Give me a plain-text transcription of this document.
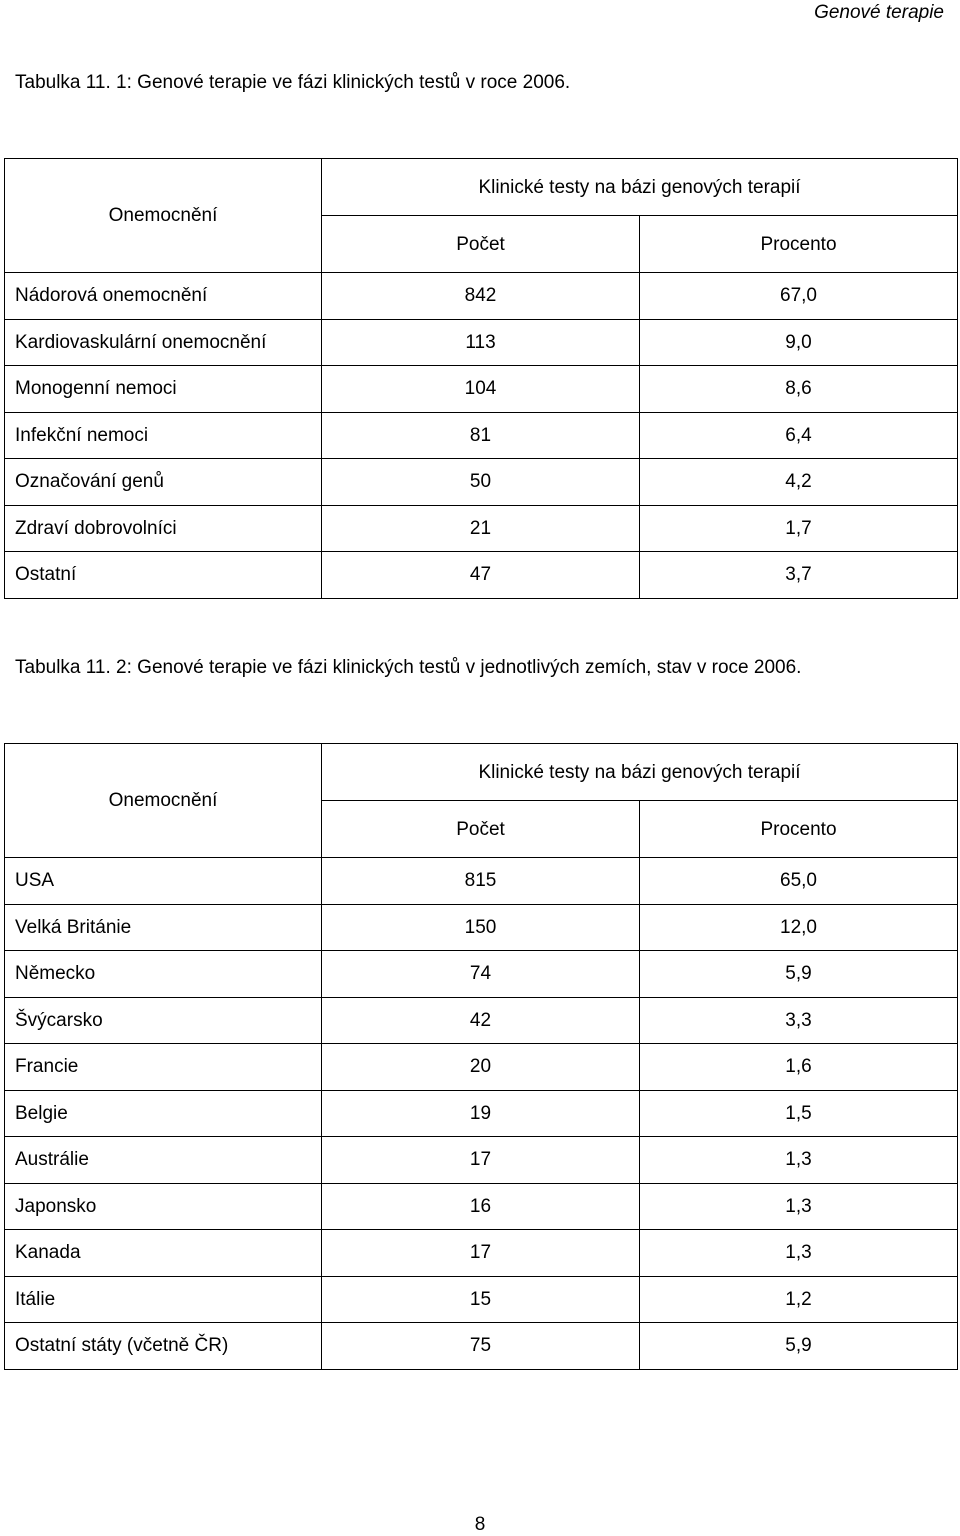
Genové terapie
Tabulka 11. 1: Genové terapie ve fázi klinických testů v roce 2006.
Onemocnění	Klinické testy na bázi genových terapií	
	Počet	Procento
Nádorová onemocnění	842	67,0
Kardiovaskulární onemocnění	113	9,0
Monogenní nemoci	104	8,6
Infekční nemoci	81	6,4
Označování genů	50	4,2
Zdraví dobrovolníci	21	1,7
Ostatní	47	3,7
Tabulka 11. 2: Genové terapie ve fázi klinických testů v jednotlivých zemích, stav v roce 2006.
Onemocnění	Klinické testy na bázi genových terapií	
	Počet	Procento
USA	815	65,0
Velká Británie	150	12,0
Německo	74	5,9
Švýcarsko	42	3,3
Francie	20	1,6
Belgie	19	1,5
Austrálie	17	1,3
Japonsko	16	1,3
Kanada	17	1,3
Itálie	15	1,2
Ostatní státy (včetně ČR)	75	5,9
8
